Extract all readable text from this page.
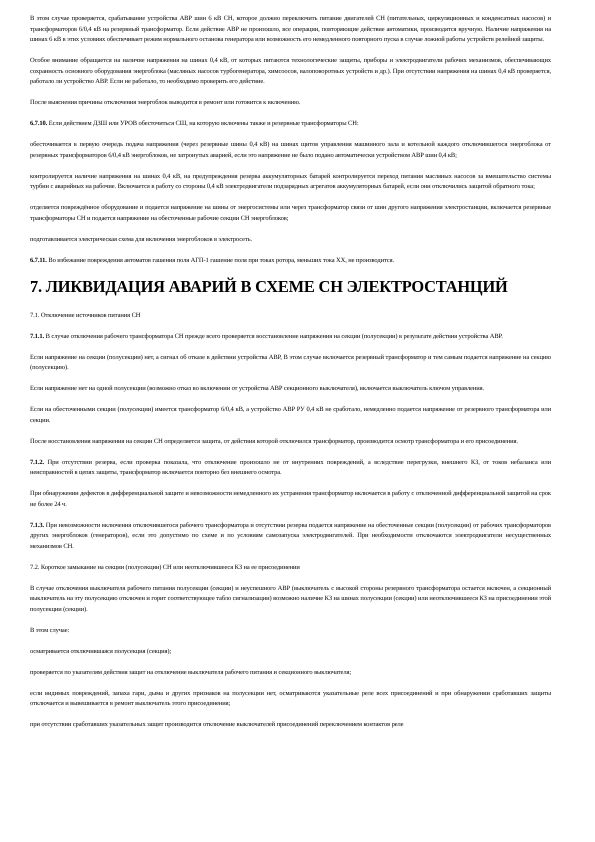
В этом случае проверяется, срабатывание устройства АВР шин 6 кВ СН, которое должно переключить питание двигателей СН (питательных, циркуляционных и конденсатных насосов) и трансформаторов 6/0,4 кВ на резервный трансформатор. Если действие АВР не произошло, все операции, повторяющие действие автоматики, производятся вручную. Наличие напряжения на шинах 6 кВ в этих условиях обеспечивает режим нормального останова генератора или возможность его немедленного повторного пуска в случае ложной работы устройств релейной защиты.

Особое внимание обращается на наличие напряжения на шинах 0,4 кВ, от которых питаются технологические защиты, приборы и электродвигатели рабочих механизмов, обеспечивающих сохранность основного оборудования энергоблока (масляных насосов турбогенератора, химсоосов, валоповоротных устройств и др.). При отсутствии напряжения на шинах 0,4 кВ проверяется, работало ли устройство АВР. Если не работало, то необходимо проверить его действие.

После выяснения причины отключения энергоблок выводится в ремонт или готовится к включению.

6.7.10. Если действием ДЗШ или УРОВ обесточиться СШ, на которую включены также и резервные трансформаторы СН:

обесточивается в первую очередь подача напряжения (через резервные шины 0,4 кВ) на шинах щитов управления машинного зала и котельной каждого отключившегося энергоблока от резервных трансформаторов 6/0,4 кВ энергоблоков, не затронутых аварией, если это напряжение не было подано автоматически устройством АВР шин 0,4 кВ;

контролируется наличие напряжения на шинах 0,4 кВ, на предупреждения резерва аккумуляторных батарей контролируется переход питания масляных насосов за вмешательство системы турбин с аварийных на рабочие. Включается в работу со стороны 0,4 кВ электродвигатели подзарядных агрегатов аккумуляторных батарей, если они отключились защитой обратного тока;

отделяется повреждённое оборудование и подается напряжение на шины от энергосистемы или через трансформатор связи от шин другого напряжения электростанции, включается резервные трансформаторы СН и подается напряжение на обесточенные рабочие секции СН энергоблоков;

подготавливается электрическая схема для включения энергоблоков в электросеть.

6.7.11. Во избежание повреждения автоматов гашения поля АГП-1 гашение поля при токах ротора, меньших тока ХХ, не производится.

7. ЛИКВИДАЦИЯ АВАРИЙ В СХЕМЕ СН ЭЛЕКТРОСТАНЦИЙ

7.1. Отключение источников питания СН

7.1.1. В случае отключения рабочего трансформатора СН прежде всего проверяется восстановление напряжения на секции (полусекции) в результате действия устройства АВР.

Если напряжение на секции (полусекции) нет, а сигнал об отказе в действии устройства АВР, В этом случае включается резервный трансформатор и тем самым подается напряжение на секцию (полусекцию).

Если напряжение нет на одной полусекции (возможно отказ во включении от устройства АВР секционного выключателя), включается выключатель ключом управления.

Если на обесточенными секции (полусекции) имеется трансформатор 6/0,4 кВ, а устройство АВР РУ 0,4 кВ не сработало, немедленно подается напряжение от резервного трансформатора или секции.

После восстановления напряжения на секции СН определяется защита, от действия которой отключился трансформатор, производится осмотр трансформатора и его присоединения.

7.1.2. При отсутствии резерва, если проверка показала, что отключение произошло не от внутренних повреждений, а вследствие перегрузки, внешнего КЗ, от токов небаланса или неисправностей в цепях защиты, трансформатор включается повторно без внешнего осмотра.

При обнаружении дефектов в дифференциальной защите и невозможности немедленного их устранения трансформатор включается в работу с отключенной дифференциальной защитой на срок не более 24 ч.

7.1.3. При невозможности включения отключившегося рабочего трансформатора и отсутствии резерва подается напряжение на обесточенные секции (полусекции) от рабочих трансформаторов других энергоблоков (генераторов), если это допустимо по схеме и по условиям самозапуска электродвигателей. При необходимости отключаются электродвигатели несущественных механизмов СН.

7.2. Короткое замыкание на секции (полусекции) СН или неотключившееся КЗ на ее присоединении

В случае отключения выключателя рабочего питания полусекции (секции) и неуспешного АВР (выключатель с высокой стороны резервного трансформатора остается включен, а секционный выключатель на эту полусекцию отключен и горит соответствующее табло сигнализации) возможно наличие КЗ на шинах полусекции (секции) или неотключившееся КЗ на присоединении этой полусекции (секции).

В этом случае:

осматривается отключившаяся полусекция (секция);

проверяется по указателям действия защит на отключение выключателя рабочего питания и секционного выключателя;

если видимых повреждений, запаха гари, дыма и других признаков на полусекции нет, осматриваются указательные реле всех присоединений и при обнаружении сработавших защиты отключается и вывешивается в ремонт выключатель этого присоединения;

при отсутствии сработавших указательных защит производится отключение выключателей присоединений переключением контактов реле
